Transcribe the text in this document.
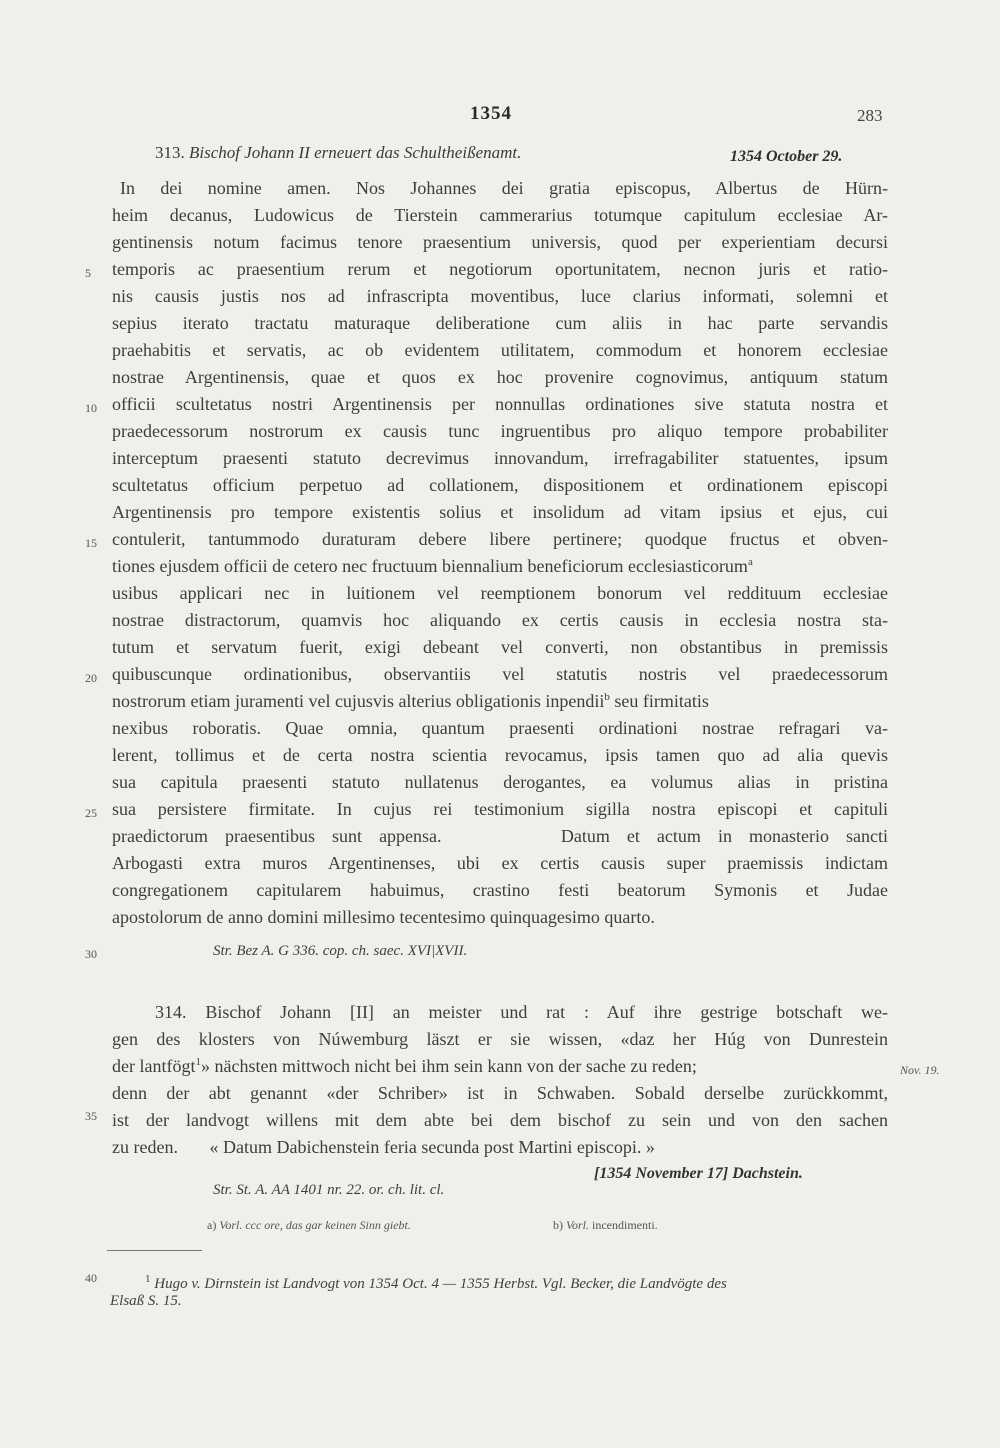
1354	283
313. Bischof Johann II erneuert das Schultheißenamt.	1354 October 29.
In dei nomine amen. Nos Johannes dei gratia episcopus, Albertus de Hürn-
heim decanus, Ludowicus de Tierstein cammerarius totumque capitulum ecclesiae Ar-
gentinensis notum facimus tenore praesentium universis, quod per experientiam decursi
temporis ac praesentium rerum et negotiorum oportunitatem, necnon juris et ratio-
nis causis justis nos ad infrascripta moventibus, luce clarius informati, solemni et
sepius iterato tractatu maturaque deliberatione cum aliis in hac parte servandis
praehabitis et servatis, ac ob evidentem utilitatem, commodum et honorem ecclesiae
nostrae Argentinensis, quae et quos ex hoc provenire cognovimus, antiquum statum
officii scultetatus nostri Argentinensis per nonnullas ordinationes sive statuta nostra et
praedecessorum nostrorum ex causis tunc ingruentibus pro aliquo tempore probabiliter
interceptum praesenti statuto decrevimus innovandum, irrefragabiliter statuentes, ipsum
scultetatus officium perpetuo ad collationem, dispositionem et ordinationem episcopi
Argentinensis pro tempore existentis solius et insolidum ad vitam ipsius et ejus, cui
contulerit, tantummodo duraturam debere libere pertinere; quodque fructus et obven-
tiones ejusdem officii de cetero nec fructuum biennalium beneficiorum ecclesiasticorum$^a$
usibus applicari nec in luitionem vel reemptionem bonorum vel reddituum ecclesiae
nostrae distractorum, quamvis hoc aliquando ex certis causis in ecclesia nostra sta-
tutum et servatum fuerit, exigi debeant vel converti, non obstantibus in premissis
quibuscunque ordinationibus, observantiis vel statutis nostris vel praedecessorum
nostrorum etiam juramenti vel cujusvis alterius obligationis inpendii$^b$ seu firmitatis
nexibus roboratis. Quae omnia, quantum praesenti ordinationi nostrae refragari va-
lerent, tollimus et de certa nostra scientia revocamus, ipsis tamen quo ad alia quevis
sua capitula praesenti statuto nullatenus derogantes, ea volumus alias in pristina
sua persistere firmitate. In cujus rei testimonium sigilla nostra episcopi et capituli
praedictorum praesentibus sunt appensa.       Datum et actum in monasterio sancti
Arbogasti extra muros Argentinenses, ubi ex certis causis super praemissis indictam
congregationem capitularem habuimus, crastino festi beatorum Symonis et Judae
apostolorum de anno domini millesimo tecentesimo quinquagesimo quarto.
Str. Bez A. G 336. cop. ch. saec. XVI|XVII.
5
10
15
20
25
30
35
40
314. Bischof Johann [II] an meister und rat : Auf ihre gestrige botschaft we-
gen des klosters von Núwemburg läszt er sie wissen, «daz her Húg von Dunrestein
der lantfögt$^1$» nächsten mittwoch nicht bei ihm sein kann von der sache zu reden;
denn der abt genannt «der Schriber» ist in Schwaben. Sobald derselbe zurückkommt,
ist der landvogt willens mit dem abte bei dem bischof zu sein und von den sachen
zu reden.       « Datum Dabichenstein feria secunda post Martini episcopi. »
Nov. 19.
[1354 November 17] Dachstein.
Str. St. A. AA 1401 nr. 22. or. ch. lit. cl.
a) Vorl. ccc ore, das gar keinen Sinn giebt.	b) Vorl. incendimenti.
$^1$ Hugo v. Dirnstein ist Landvogt von 1354 Oct. 4 — 1355 Herbst. Vgl. Becker, die Landvögte des
Elsaß S. 15.
